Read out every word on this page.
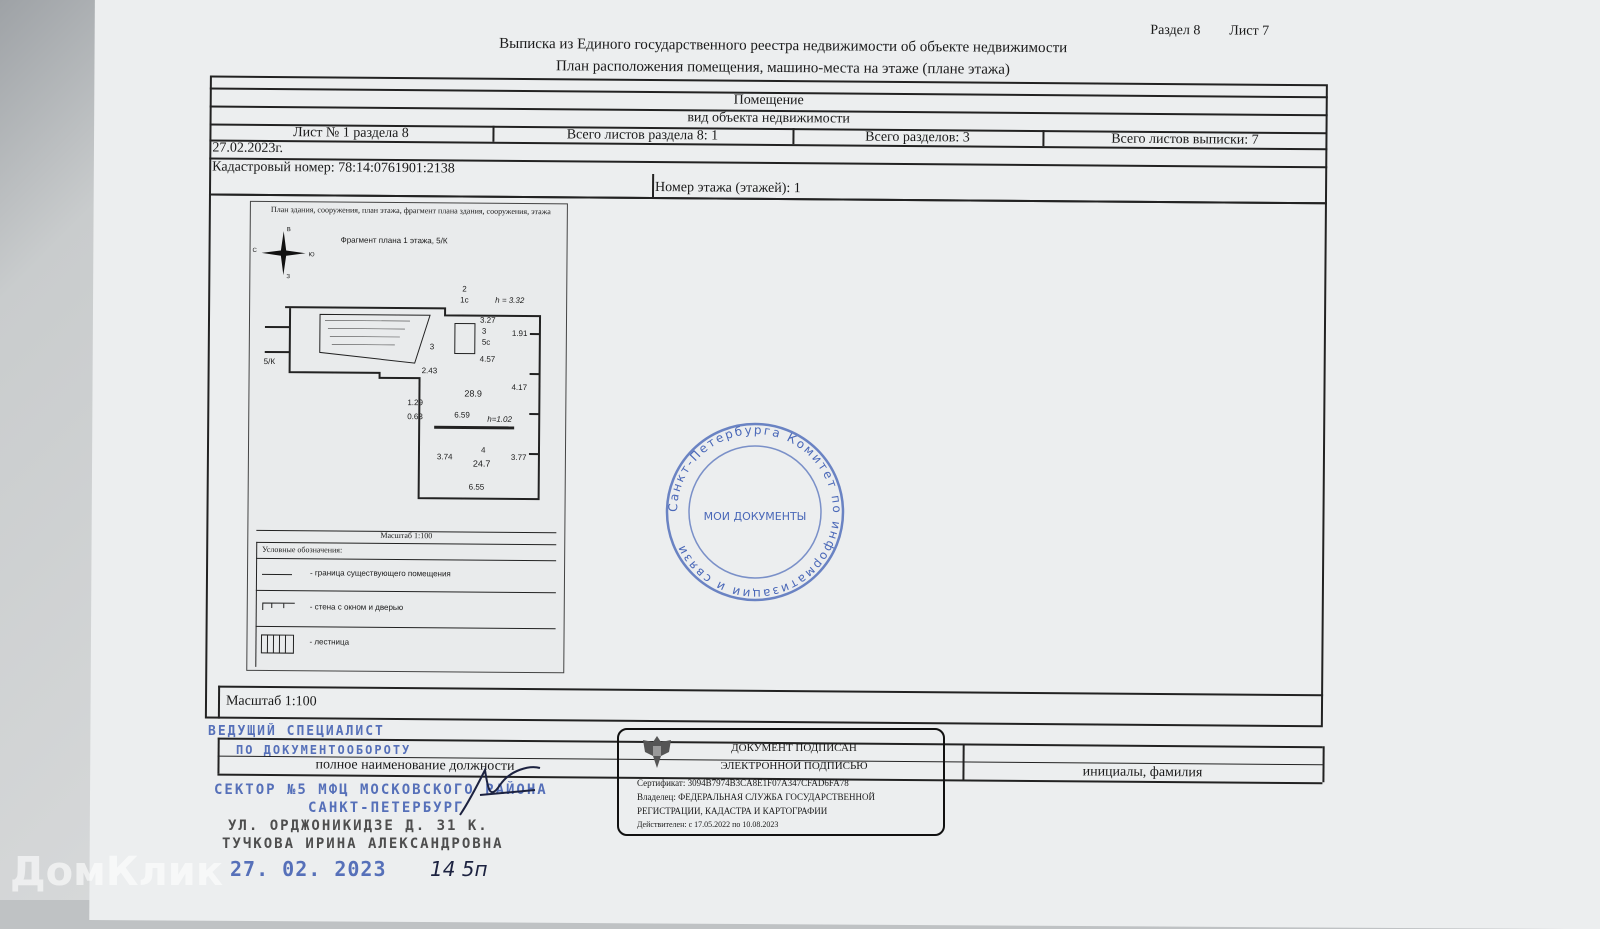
Раздел 8 Лист 7
Выписка из Единого государственного реестра недвижимости об объекте недвижимости
План расположения помещения, машино-места на этаже (плане этажа)
Помещение
вид объекта недвижимости
Лист № 1 раздела 8	Всего листов раздела 8: 1	Всего разделов: 3	Всего листов выписки: 7
27.02.2023г.
Кадастровый номер: 78:14:0761901:2138
Номер этажа (этажей): 1
Масштаб 1:100
План здания, сооружения, план этажа, фрагмент плана здания, сооружения, этажа
Фрагмент плана 1 этажа, 5/К
В
С
Ю
З
2
1с	h = 3.32
3.27
3
5с
1.91
4.57
3
2.43
28.9
4.17
1.29
0.63	6.59 h=1.02
3.74
4
24.7
3.77
6.55
5/К
Масштаб 1:100
Условные обозначения:
- граница существующего помещения
- стена с окном и дверью
- лестница
полное наименование должности	инициалы, фамилия
ДОКУМЕНТ ПОДПИСАН
ЭЛЕКТРОННОЙ ПОДПИСЬЮ
Сертификат: 3094B7974B3CA8E1F07A347CFAD6FA78
Владелец: ФЕДЕРАЛЬНАЯ СЛУЖБА ГОСУДАРСТВЕННОЙ
РЕГИСТРАЦИИ, КАДАСТРА И КАРТОГРАФИИ
Действителен: с 17.05.2022 по 10.08.2023
Санкт-Петербурга Комитет по информатизации и связи
МОИ ДОКУМЕНТЫ
ВЕДУЩИЙ СПЕЦИАЛИСТ
ПО ДОКУМЕНТООБОРОТУ
СЕКТОР №5 МФЦ МОСКОВСКОГО РАЙОНА
САНКТ-ПЕТЕРБУРГ
УЛ. ОРДЖОНИКИДЗЕ Д. 31 К.
ТУЧКОВА ИРИНА АЛЕКСАНДРОВНА
27. 02. 2023 14 5п
ДомКлик
